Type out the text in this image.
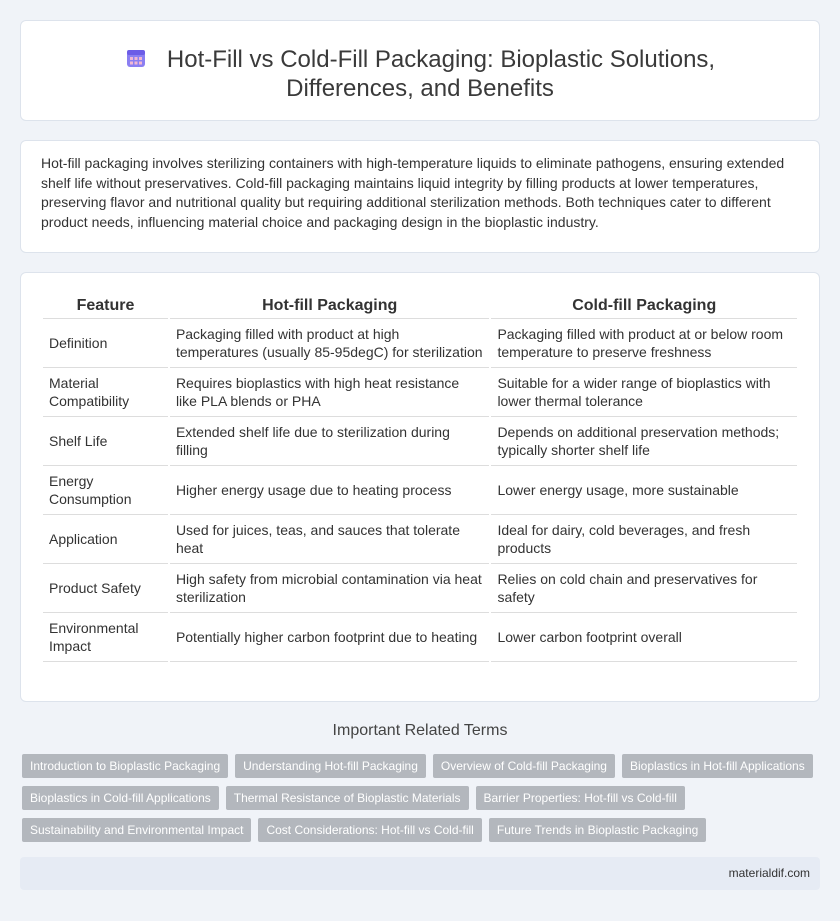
Hot-Fill vs Cold-Fill Packaging: Bioplastic Solutions, Differences, and Benefits

Hot-fill packaging involves sterilizing containers with high-temperature liquids to eliminate pathogens, ensuring extended shelf life without preservatives. Cold-fill packaging maintains liquid integrity by filling products at lower temperatures, preserving flavor and nutritional quality but requiring additional sterilization methods. Both techniques cater to different product needs, influencing material choice and packaging design in the bioplastic industry.

Feature	Hot-fill Packaging	Cold-fill Packaging
Definition	Packaging filled with product at high temperatures (usually 85-95degC) for sterilization	Packaging filled with product at or below room temperature to preserve freshness
Material Compatibility	Requires bioplastics with high heat resistance like PLA blends or PHA	Suitable for a wider range of bioplastics with lower thermal tolerance
Shelf Life	Extended shelf life due to sterilization during filling	Depends on additional preservation methods; typically shorter shelf life
Energy Consumption	Higher energy usage due to heating process	Lower energy usage, more sustainable
Application	Used for juices, teas, and sauces that tolerate heat	Ideal for dairy, cold beverages, and fresh products
Product Safety	High safety from microbial contamination via heat sterilization	Relies on cold chain and preservatives for safety
Environmental Impact	Potentially higher carbon footprint due to heating	Lower carbon footprint overall
Important Related Terms
Introduction to Bioplastic Packaging	Understanding Hot-fill Packaging	Overview of Cold-fill Packaging	Bioplastics in Hot-fill Applications
Bioplastics in Cold-fill Applications	Thermal Resistance of Bioplastic Materials	Barrier Properties: Hot-fill vs Cold-fill
Sustainability and Environmental Impact	Cost Considerations: Hot-fill vs Cold-fill	Future Trends in Bioplastic Packaging
materialdif.com
